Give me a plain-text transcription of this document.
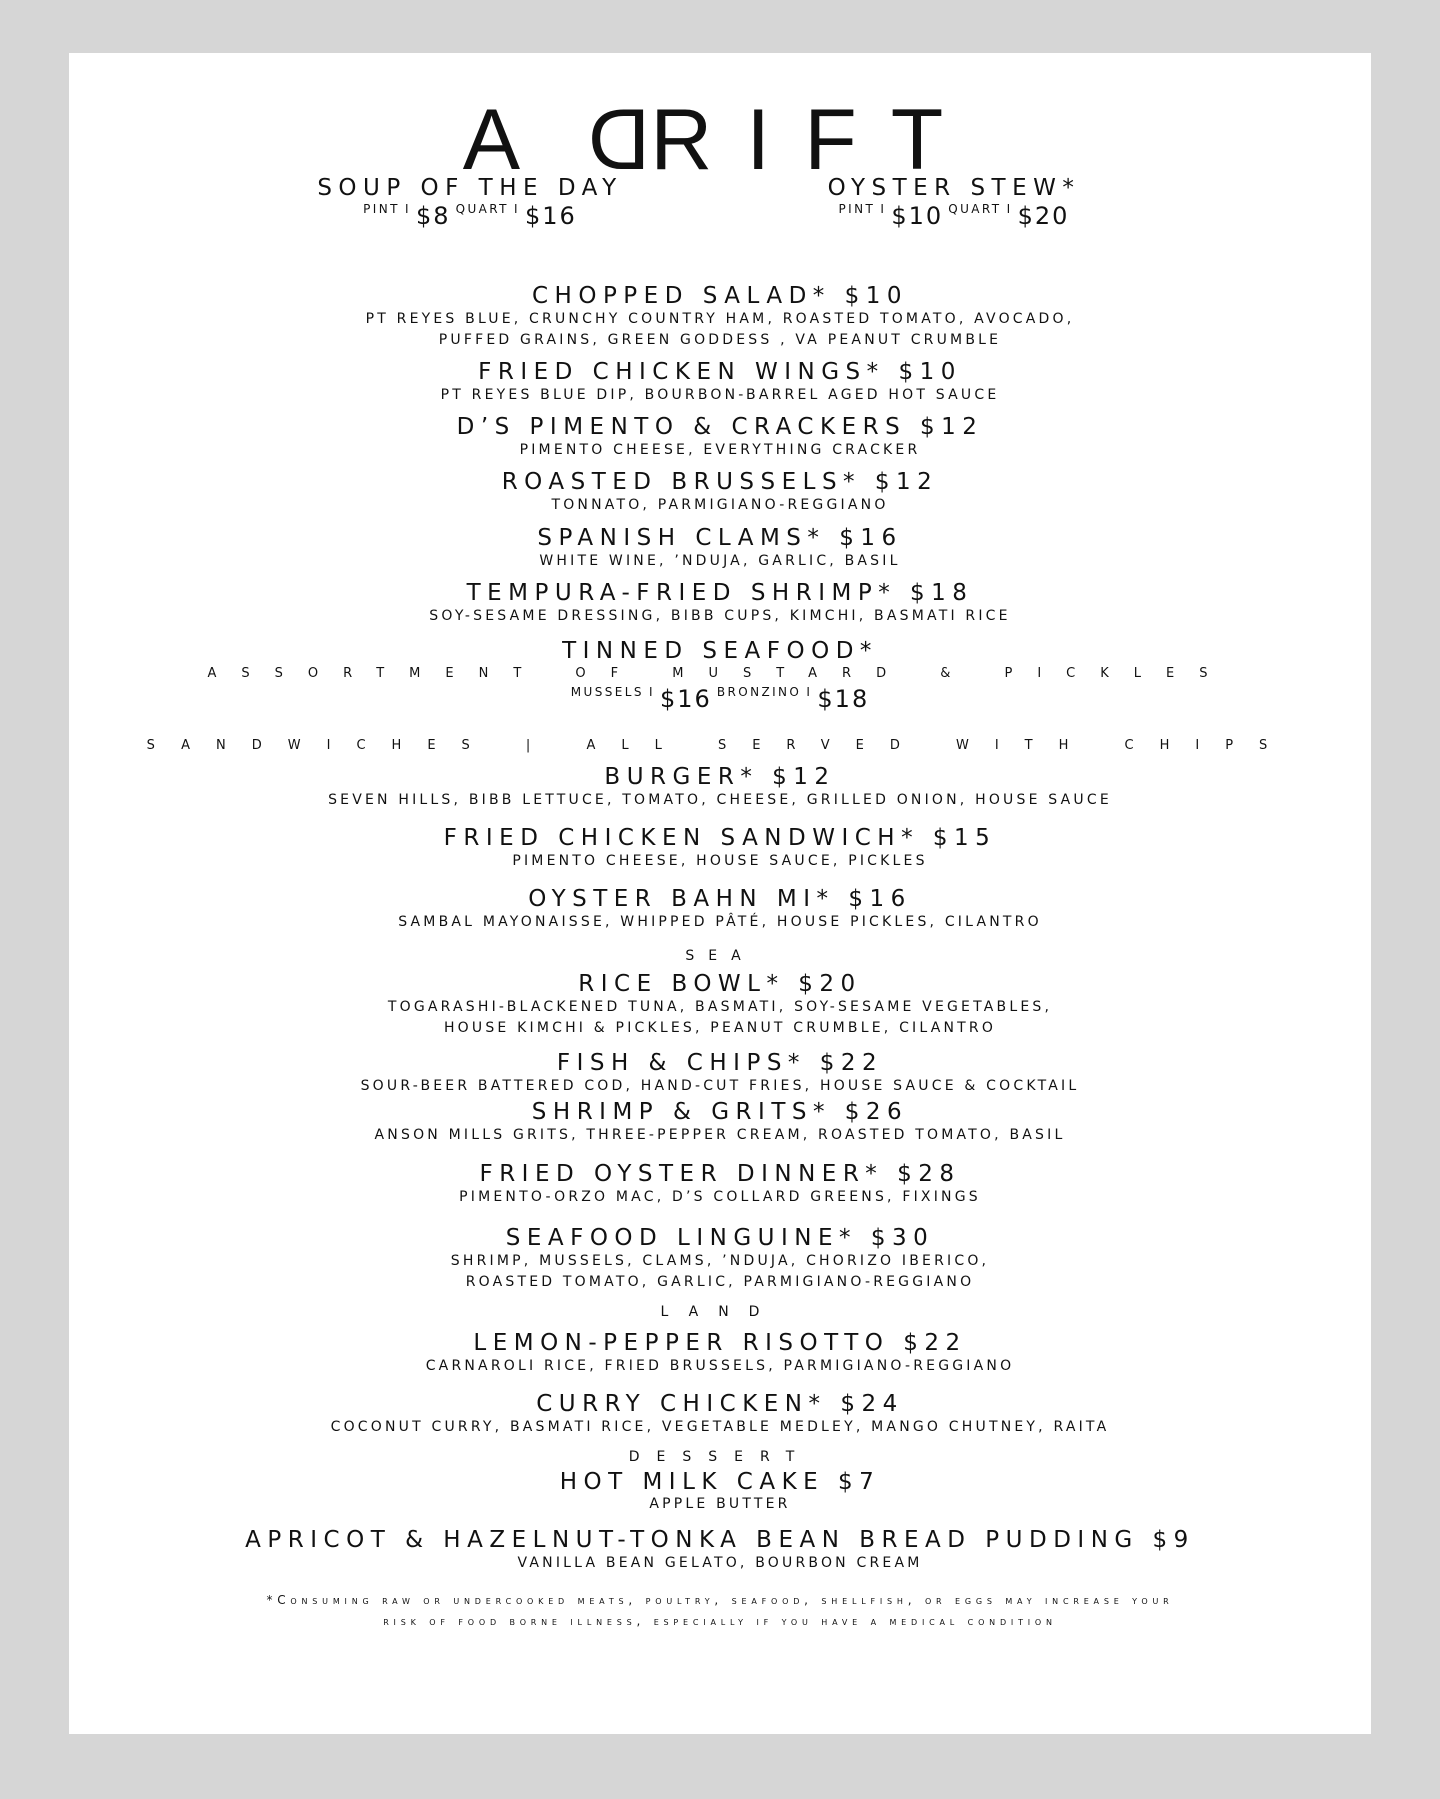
ADRIFT
SOUP OF THE DAY
$^{PINT}$ $^I$ $8 $^{QUART}$ $^I$ $16
OYSTER STEW*
$^{PINT}$ $^I$ $10 $^{QUART}$ $^I$ $20
CHOPPED SALAD* $10
PT REYES BLUE, CRUNCHY COUNTRY HAM, ROASTED TOMATO, AVOCADO,
PUFFED GRAINS, GREEN GODDESS , VA PEANUT CRUMBLE
FRIED CHICKEN WINGS* $10
PT REYES BLUE DIP, BOURBON-BARREL AGED HOT SAUCE
D’S PIMENTO & CRACKERS $12
PIMENTO CHEESE, EVERYTHING CRACKER
ROASTED BRUSSELS* $12
TONNATO, PARMIGIANO-REGGIANO
SPANISH CLAMS* $16
WHITE WINE, ’NDUJA, GARLIC, BASIL
TEMPURA-FRIED SHRIMP* $18
SOY-SESAME DRESSING, BIBB CUPS, KIMCHI, BASMATI RICE
TINNED SEAFOOD*
ASSORTMENT OF MUSTARD & PICKLES
$^{MUSSELS}$ $^I$ $16 $^{BRONZINO}$ $^I$ $18
SANDWICHES | ALL SERVED WITH CHIPS
BURGER* $12
SEVEN HILLS, BIBB LETTUCE, TOMATO, CHEESE, GRILLED ONION, HOUSE SAUCE
FRIED CHICKEN SANDWICH* $15
PIMENTO CHEESE, HOUSE SAUCE, PICKLES
OYSTER BAHN MI* $16
SAMBAL MAYONAISSE, WHIPPED PÂTÉ, HOUSE PICKLES, CILANTRO
SEA
RICE BOWL* $20
TOGARASHI-BLACKENED TUNA, BASMATI, SOY-SESAME VEGETABLES,
HOUSE KIMCHI & PICKLES, PEANUT CRUMBLE, CILANTRO
FISH & CHIPS* $22
SOUR-BEER BATTERED COD, HAND-CUT FRIES, HOUSE SAUCE & COCKTAIL
SHRIMP & GRITS* $26
ANSON MILLS GRITS, THREE-PEPPER CREAM, ROASTED TOMATO, BASIL
FRIED OYSTER DINNER* $28
PIMENTO-ORZO MAC, D’S COLLARD GREENS, FIXINGS
SEAFOOD LINGUINE* $30
SHRIMP, MUSSELS, CLAMS, ’NDUJA, CHORIZO IBERICO,
ROASTED TOMATO, GARLIC, PARMIGIANO-REGGIANO
LAND
LEMON-PEPPER RISOTTO $22
CARNAROLI RICE, FRIED BRUSSELS, PARMIGIANO-REGGIANO
CURRY CHICKEN* $24
COCONUT CURRY, BASMATI RICE, VEGETABLE MEDLEY, MANGO CHUTNEY, RAITA
DESSERT
HOT MILK CAKE $7
APPLE BUTTER
APRICOT & HAZELNUT-TONKA BEAN BREAD PUDDING $9
VANILLA BEAN GELATO, BOURBON CREAM
*Consuming raw or undercooked meats, poultry, seafood, shellfish, or eggs may increase your
risk of food borne illness, especially if you have a medical condition
